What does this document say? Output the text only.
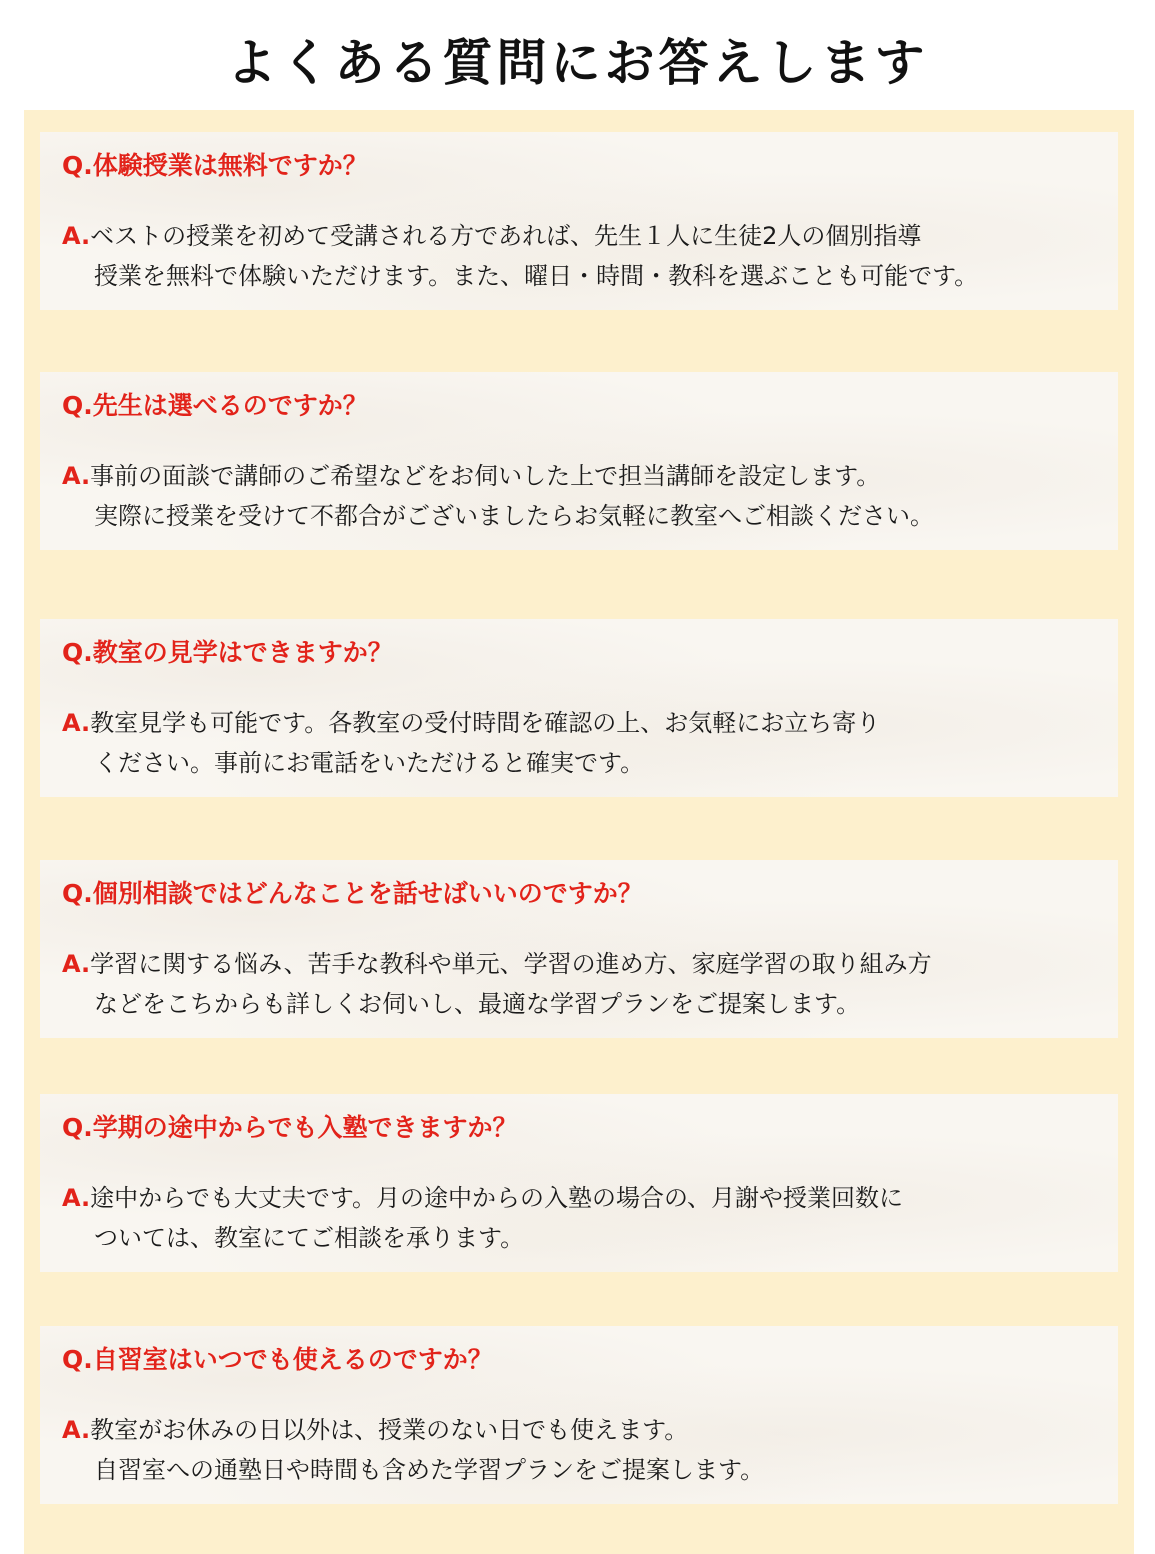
よくある質問にお答えします

Q.体験授業は無料ですか？

A.ベストの授業を初めて受講される方であれば、先生１人に生徒2人の個別指導
授業を無料で体験いただけます。また、曜日・時間・教科を選ぶことも可能です。

Q.先生は選べるのですか？

A.事前の面談で講師のご希望などをお伺いした上で担当講師を設定します。
実際に授業を受けて不都合がございましたらお気軽に教室へご相談ください。

Q.教室の見学はできますか？

A.教室見学も可能です。各教室の受付時間を確認の上、お気軽にお立ち寄り
ください。事前にお電話をいただけると確実です。

Q.個別相談ではどんなことを話せばいいのですか？

A.学習に関する悩み、苦手な教科や単元、学習の進め方、家庭学習の取り組み方
などをこちからも詳しくお伺いし、最適な学習プランをご提案します。

Q.学期の途中からでも入塾できますか？

A.途中からでも大丈夫です。月の途中からの入塾の場合の、月謝や授業回数に
ついては、教室にてご相談を承ります。

Q.自習室はいつでも使えるのですか？

A.教室がお休みの日以外は、授業のない日でも使えます。
自習室への通塾日や時間も含めた学習プランをご提案します。
